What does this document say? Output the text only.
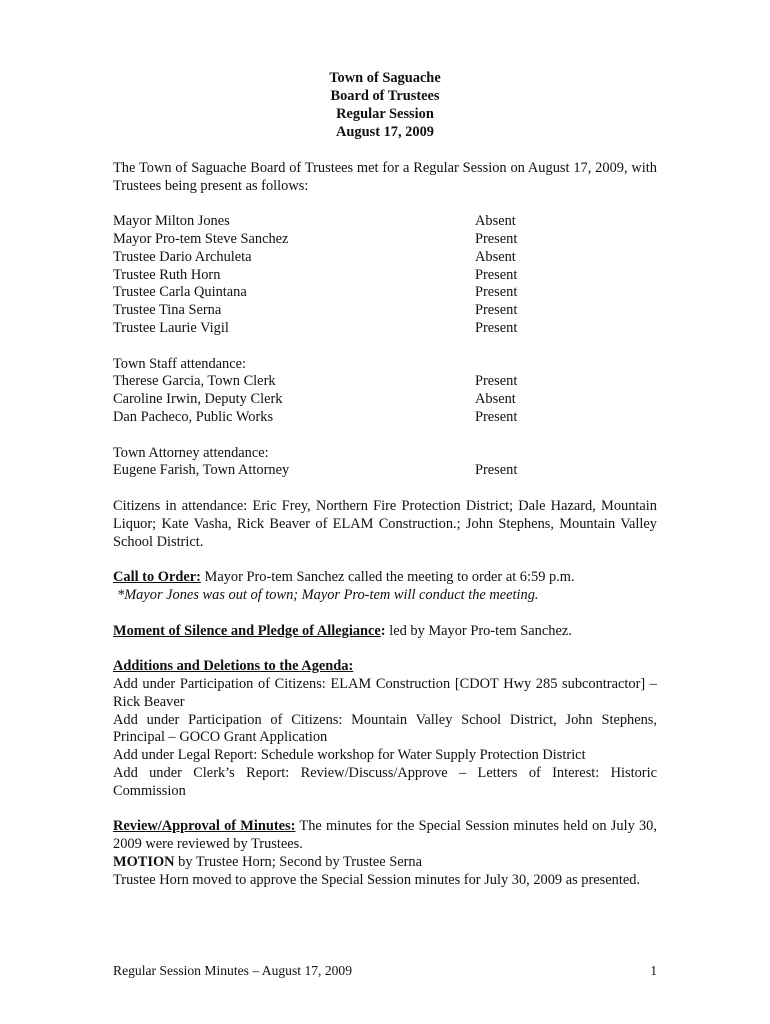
Town of Saguache
Board of Trustees
Regular Session
August 17, 2009

The Town of Saguache Board of Trustees met for a Regular Session on August 17, 2009, with Trustees being present as follows:

Mayor Milton Jones	Absent
Mayor Pro-tem Steve Sanchez	Present
Trustee Dario Archuleta	Absent
Trustee Ruth Horn	Present
Trustee Carla Quintana	Present
Trustee Tina Serna	Present
Trustee Laurie Vigil	Present

Town Staff attendance:

Therese Garcia, Town Clerk	Present
Caroline Irwin, Deputy Clerk	Absent
Dan Pacheco, Public Works	Present

Town Attorney attendance:

Eugene Farish, Town Attorney	Present

Citizens in attendance: Eric Frey, Northern Fire Protection District; Dale Hazard, Mountain Liquor; Kate Vasha, Rick Beaver of ELAM Construction.; John Stephens, Mountain Valley School District.

Call to Order: Mayor Pro-tem Sanchez called the meeting to order at 6:59 p.m.

*Mayor Jones was out of town; Mayor Pro-tem will conduct the meeting.

Moment of Silence and Pledge of Allegiance: led by Mayor Pro-tem Sanchez.

Additions and Deletions to the Agenda:

Add under Participation of Citizens: ELAM Construction [CDOT Hwy 285 subcontractor] – Rick Beaver

Add under Participation of Citizens: Mountain Valley School District, John Stephens, Principal – GOCO Grant Application

Add under Legal Report: Schedule workshop for Water Supply Protection District

Add under Clerk’s Report: Review/Discuss/Approve – Letters of Interest: Historic Commission

Review/Approval of Minutes: The minutes for the Special Session minutes held on July 30, 2009 were reviewed by Trustees.

MOTION by Trustee Horn; Second by Trustee Serna

Trustee Horn moved to approve the Special Session minutes for July 30, 2009 as presented.

Regular Session Minutes – August 17, 2009	1
